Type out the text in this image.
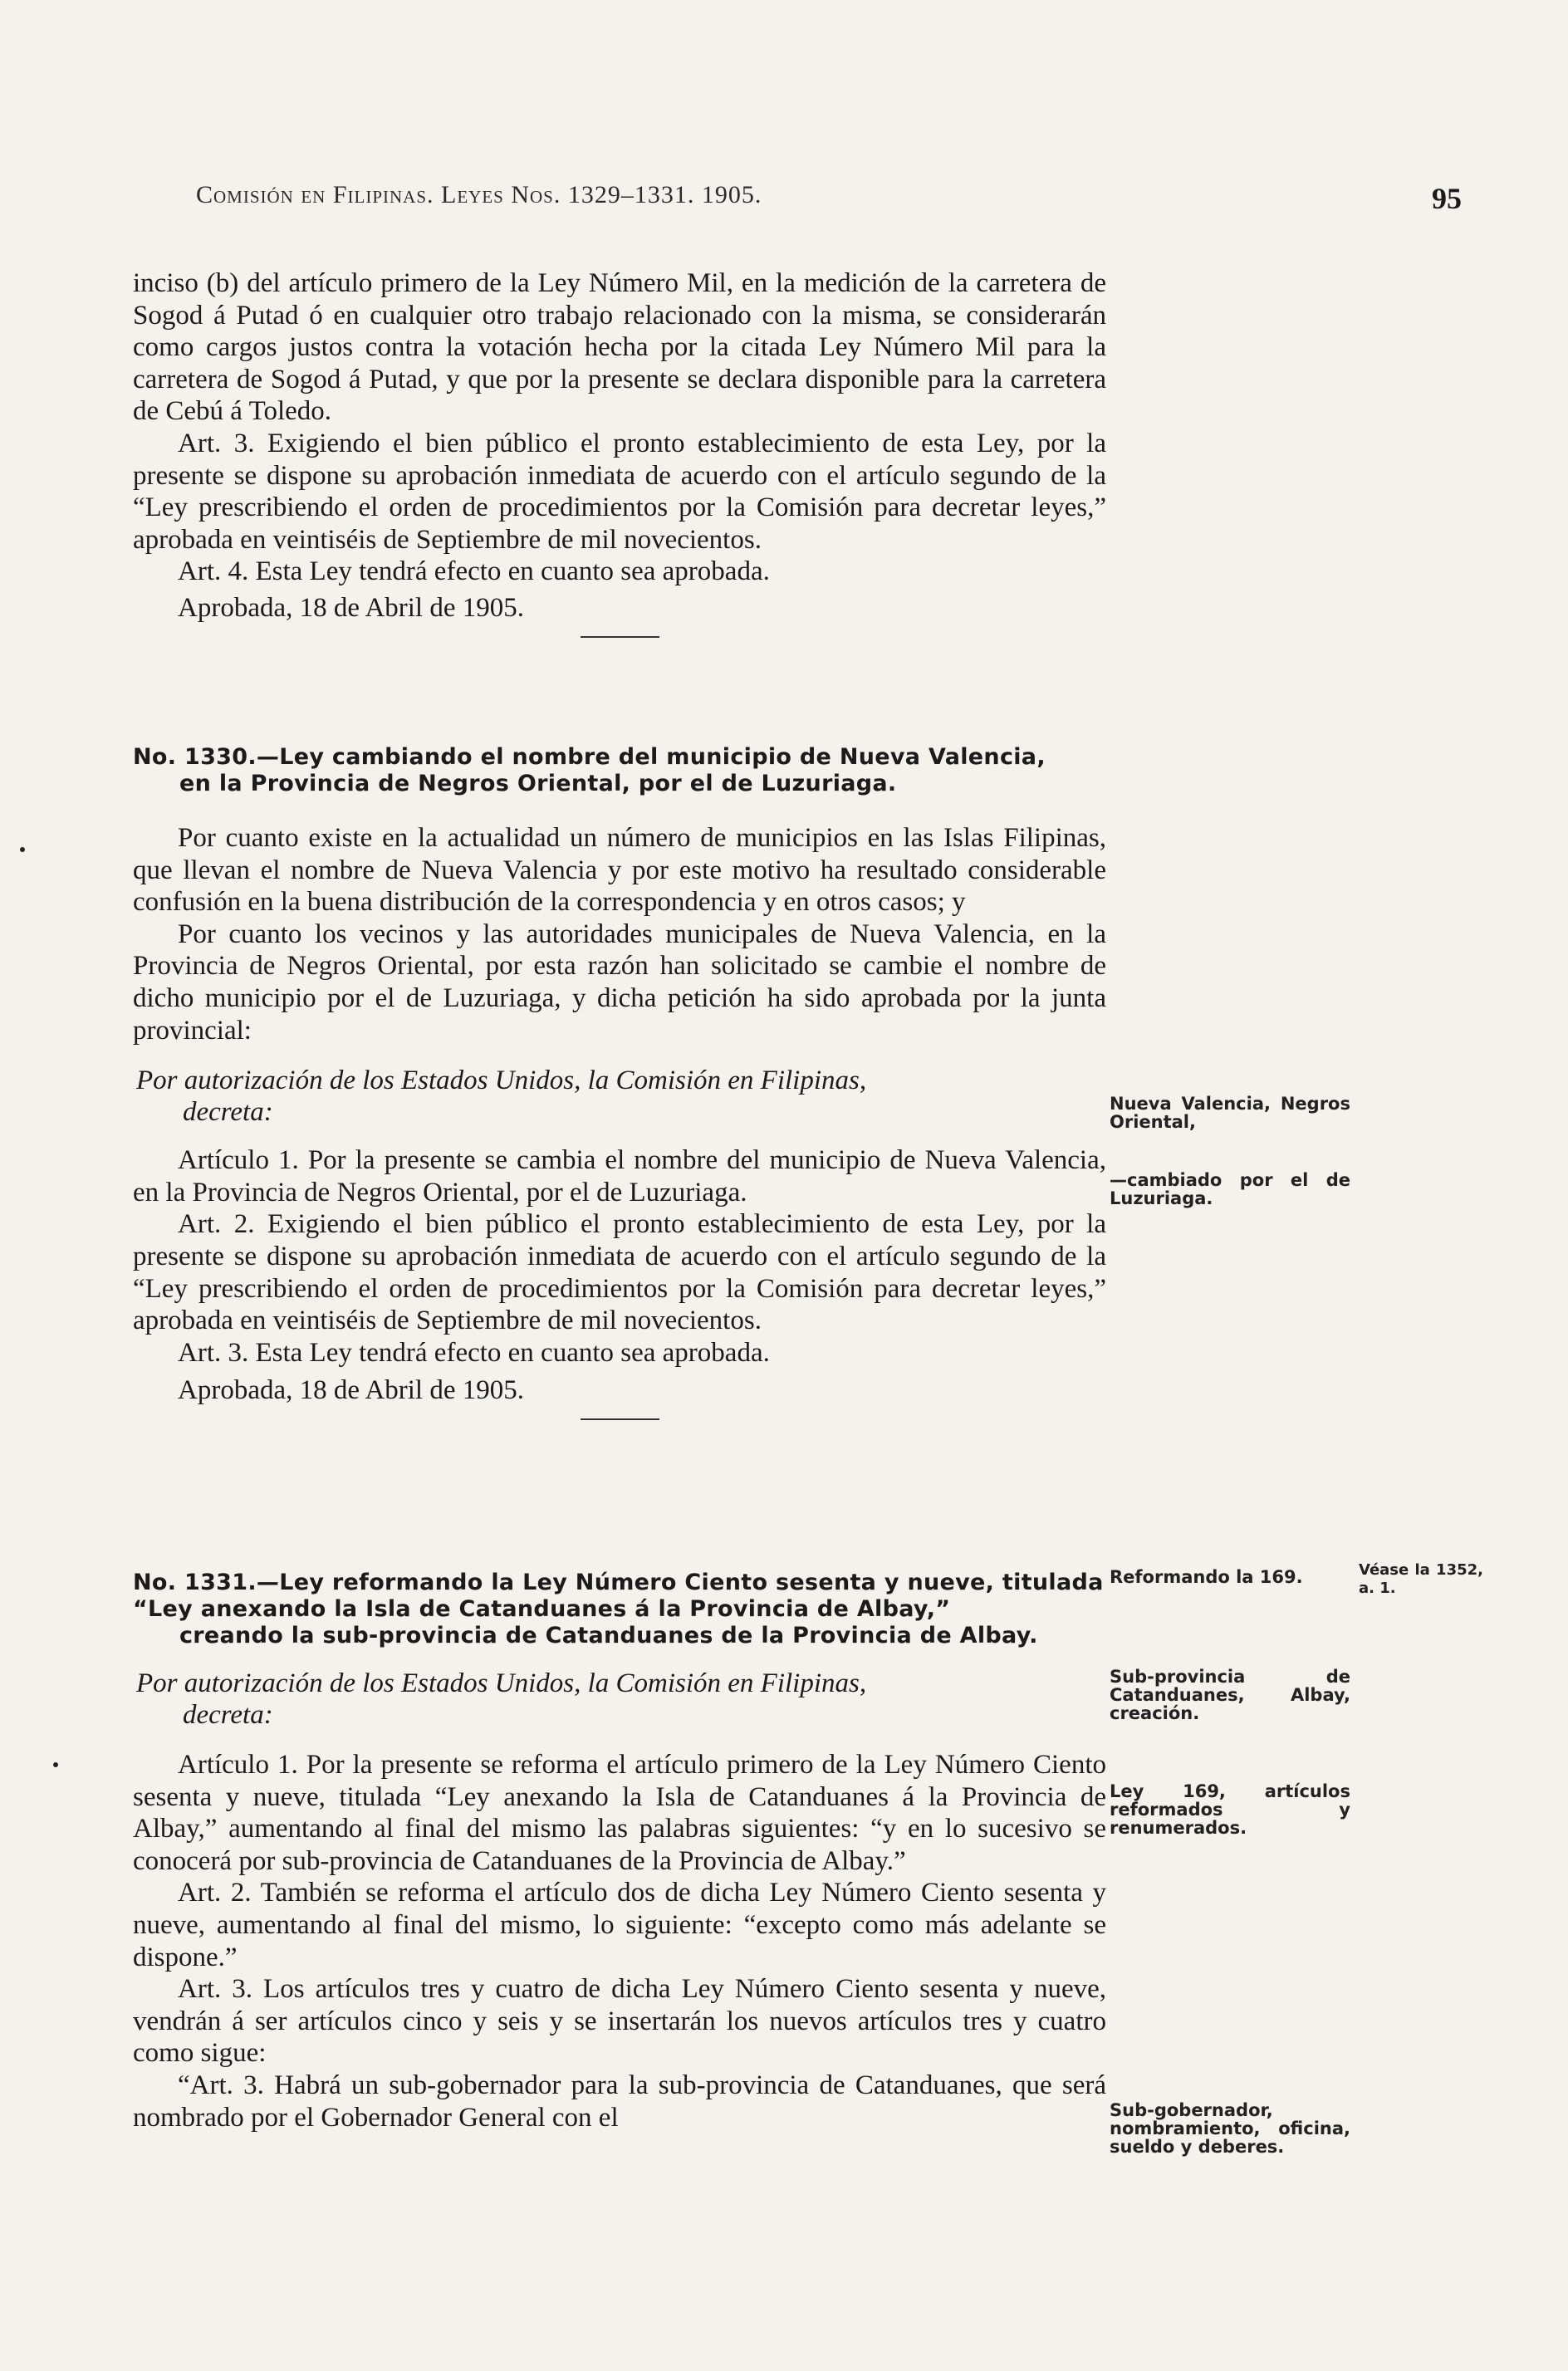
Comisión en Filipinas. Leyes Nos. 1329–1331. 1905.	95

inciso (b) del artículo primero de la Ley Número Mil, en la medición de la carretera de Sogod á Putad ó en cualquier otro trabajo relacionado con la misma, se considerarán como cargos justos contra la votación hecha por la citada Ley Número Mil para la carretera de Sogod á Putad, y que por la presente se declara disponible para la carretera de Cebú á Toledo.

Art. 3. Exigiendo el bien público el pronto establecimiento de esta Ley, por la presente se dispone su aprobación inmediata de acuerdo con el artículo segundo de la “Ley prescribiendo el orden de procedimientos por la Comisión para decretar leyes,” aprobada en veintiséis de Septiembre de mil novecientos.

Art. 4. Esta Ley tendrá efecto en cuanto sea aprobada.

Aprobada, 18 de Abril de 1905.

No. 1330.—Ley cambiando el nombre del municipio de Nueva Valencia,
en la Provincia de Negros Oriental, por el de Luzuriaga.

Por cuanto existe en la actualidad un número de municipios en las Islas Filipinas, que llevan el nombre de Nueva Valencia y por este motivo ha resultado considerable confusión en la buena distribución de la correspondencia y en otros casos; y

Por cuanto los vecinos y las autoridades municipales de Nueva Valencia, en la Provincia de Negros Oriental, por esta razón han solicitado se cambie el nombre de dicho municipio por el de Luzuriaga, y dicha petición ha sido aprobada por la junta provincial:

Por autorización de los Estados Unidos, la Comisión en Filipinas,
decreta:

Artículo 1. Por la presente se cambia el nombre del municipio de Nueva Valencia, en la Provincia de Negros Oriental, por el de Luzuriaga.

Art. 2. Exigiendo el bien público el pronto establecimiento de esta Ley, por la presente se dispone su aprobación inmediata de acuerdo con el artículo segundo de la “Ley prescribiendo el orden de procedimientos por la Comisión para decretar leyes,” aprobada en veintiséis de Septiembre de mil novecientos.

Art. 3. Esta Ley tendrá efecto en cuanto sea aprobada.

Aprobada, 18 de Abril de 1905.

Nueva Valencia, Negros Oriental,
—cambiado por el de Luzuriaga.

No. 1331.—Ley reformando la Ley Número Ciento sesenta y nueve, titulada “Ley anexando la Isla de Catanduanes á la Provincia de Albay,”
creando la sub-provincia de Catanduanes de la Provincia de Albay.

Por autorización de los Estados Unidos, la Comisión en Filipinas,
decreta:

Artículo 1. Por la presente se reforma el artículo primero de la Ley Número Ciento sesenta y nueve, titulada “Ley anexando la Isla de Catanduanes á la Provincia de Albay,” aumentando al final del mismo las palabras siguientes: “y en lo sucesivo se conocerá por sub-provincia de Catanduanes de la Provincia de Albay.”

Art. 2. También se reforma el artículo dos de dicha Ley Número Ciento sesenta y nueve, aumentando al final del mismo, lo siguiente: “excepto como más adelante se dispone.”

Art. 3. Los artículos tres y cuatro de dicha Ley Número Ciento sesenta y nueve, vendrán á ser artículos cinco y seis y se insertarán los nuevos artículos tres y cuatro como sigue:

“Art. 3. Habrá un sub-gobernador para la sub-provincia de Catanduanes, que será nombrado por el Gobernador General con el

Reformando la 169.	Véase la 1352, a. 1.
Sub-provincia de Catanduanes, Albay, creación.
Ley 169, artículos reformados y renumerados.
Sub-gobernador, nombramiento, oficina, sueldo y deberes.
